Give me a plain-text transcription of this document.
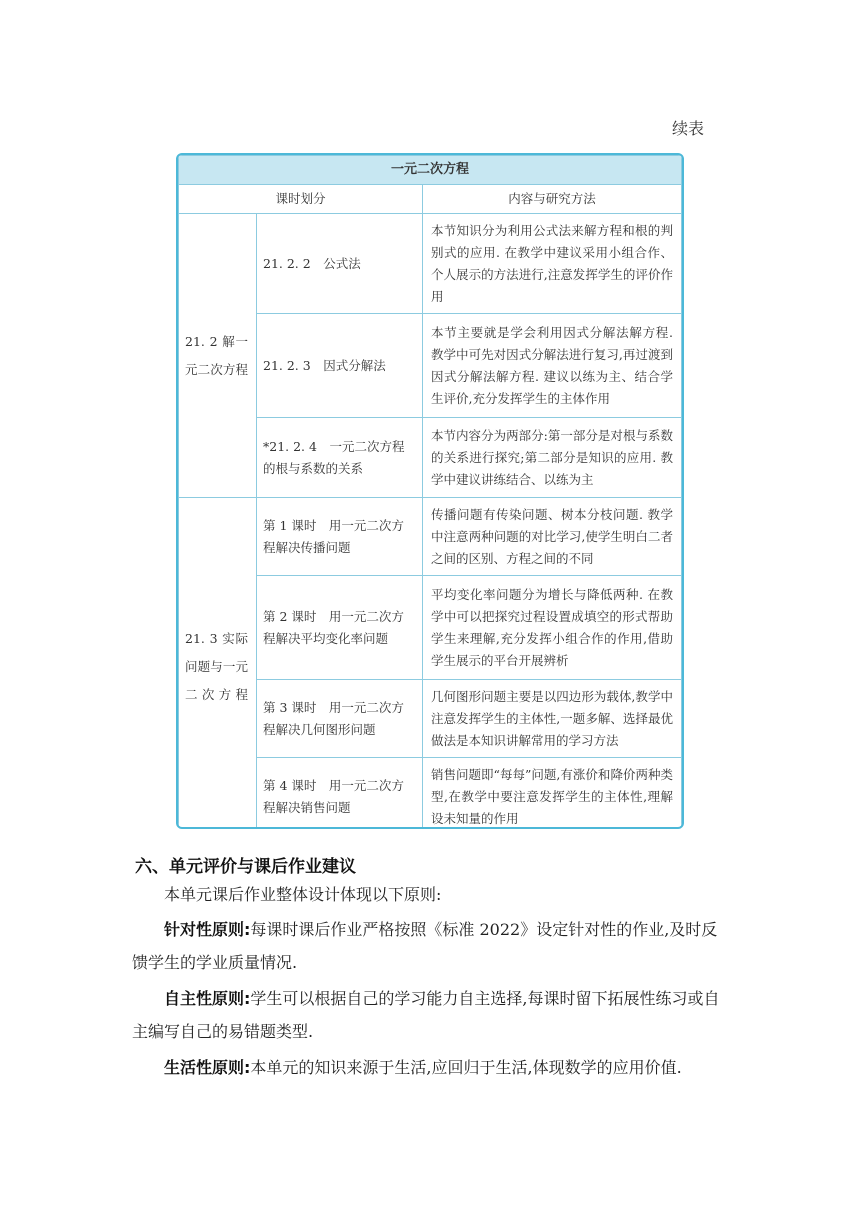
续表
一元二次方程		
课时划分		内容与研究方法
21. 2 解一元二次方程	21. 2. 2　公式法	本节知识分为利用公式法来解方程和根的判别式的应用. 在教学中建议采用小组合作、个人展示的方法进行,注意发挥学生的评价作用
	21. 2. 3　因式分解法	本节主要就是学会利用因式分解法解方程. 教学中可先对因式分解法进行复习,再过渡到因式分解法解方程. 建议以练为主、结合学生评价,充分发挥学生的主体作用
	*21. 2. 4　一元二次方程的根与系数的关系	本节内容分为两部分:第一部分是对根与系数的关系进行探究;第二部分是知识的应用. 教学中建议讲练结合、以练为主
21. 3 实际问题与一元二次方程	第 1 课时　用一元二次方程解决传播问题	传播问题有传染问题、树本分枝问题. 教学中注意两种问题的对比学习,使学生明白二者之间的区别、方程之间的不同
	第 2 课时　用一元二次方程解决平均变化率问题	平均变化率问题分为增长与降低两种. 在教学中可以把探究过程设置成填空的形式帮助学生来理解,充分发挥小组合作的作用,借助学生展示的平台开展辨析
	第 3 课时　用一元二次方程解决几何图形问题	几何图形问题主要是以四边形为载体,教学中注意发挥学生的主体性,一题多解、选择最优做法是本知识讲解常用的学习方法
	第 4 课时　用一元二次方程解决销售问题	销售问题即“每每”问题,有涨价和降价两种类型,在教学中要注意发挥学生的主体性,理解设未知量的作用
六、单元评价与课后作业建议
本单元课后作业整体设计体现以下原则:
针对性原则:每课时课后作业严格按照《标准 2022》设定针对性的作业,及时反馈学生的学业质量情况.
自主性原则:学生可以根据自己的学习能力自主选择,每课时留下拓展性练习或自主编写自己的易错题类型.
生活性原则:本单元的知识来源于生活,应回归于生活,体现数学的应用价值.
